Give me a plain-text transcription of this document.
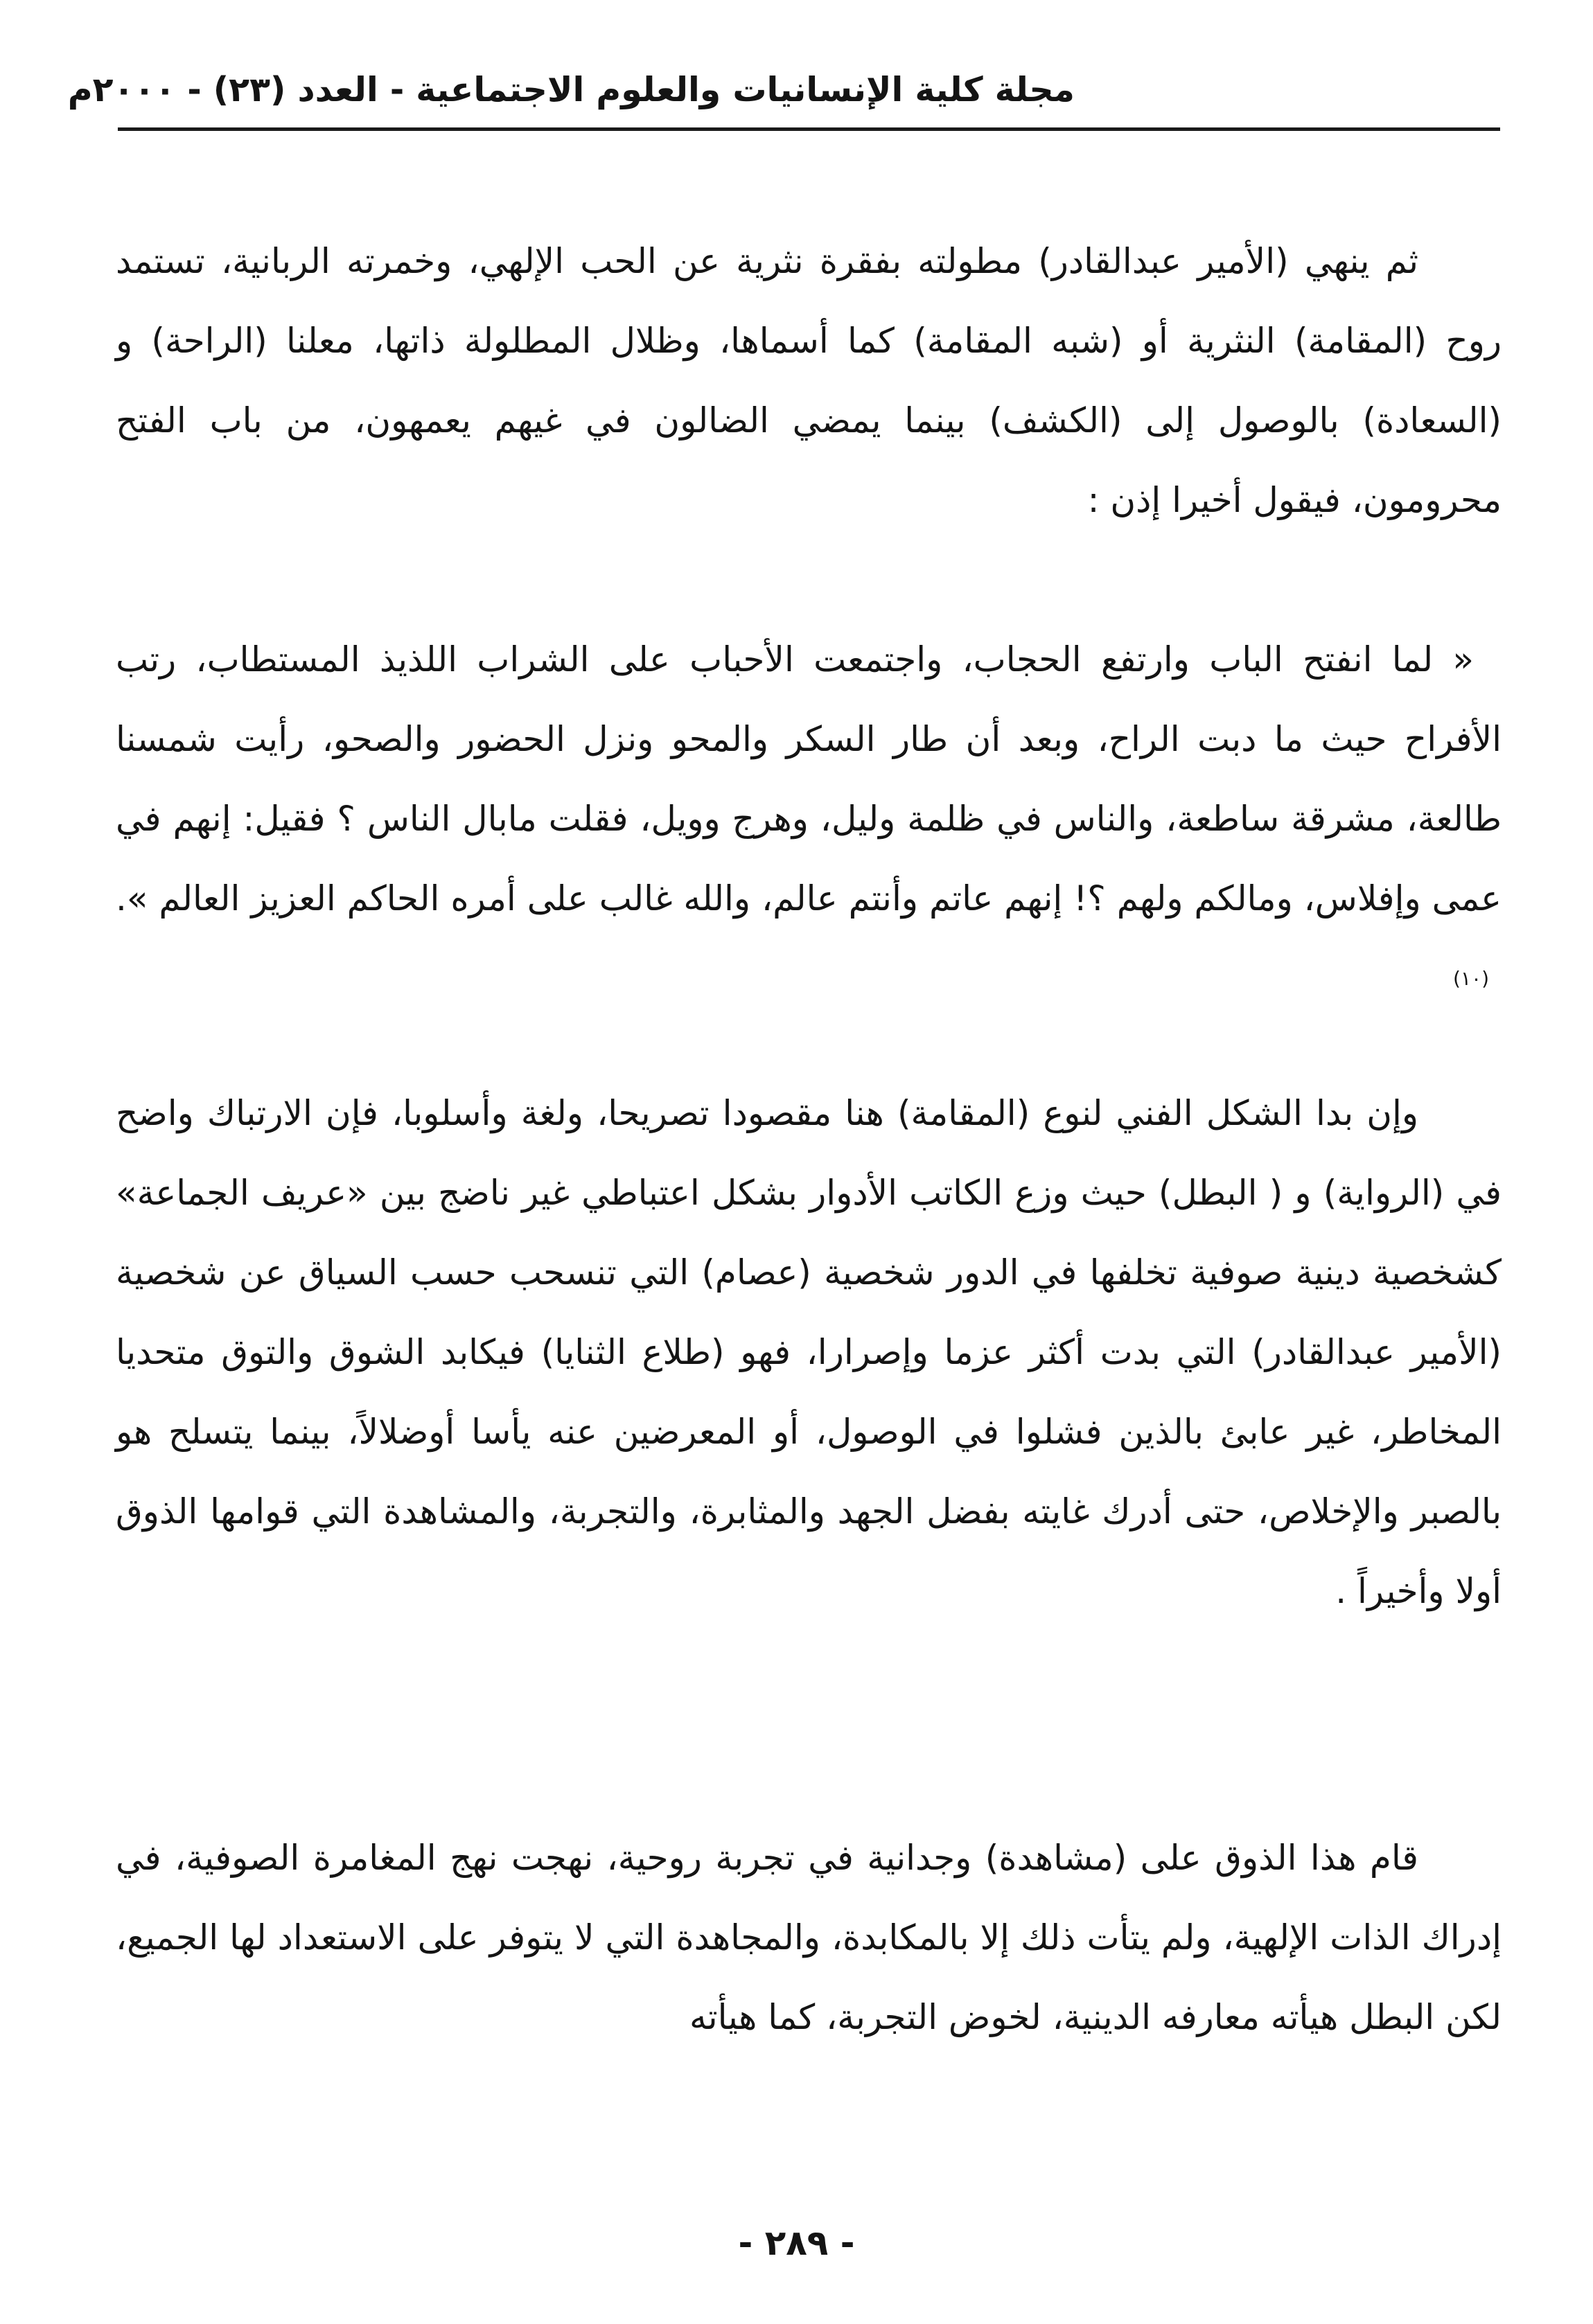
مجلة كلية الإنسانيات والعلوم الاجتماعية - العدد (٢٣) - ٢٠٠٠م

ثم ينهي (الأمير عبدالقادر) مطولته بفقرة نثرية عن الحب الإلهي، وخمرته الربانية، تستمد روح (المقامة) النثرية أو (شبه المقامة) كما أسماها، وظلال المطلولة ذاتها، معلنا (الراحة) و (السعادة) بالوصول إلى (الكشف) بينما يمضي الضالون في غيهم يعمهون، من باب الفتح محرومون، فيقول أخيرا إذن :

« لما انفتح الباب وارتفع الحجاب، واجتمعت الأحباب على الشراب اللذيذ المستطاب، رتب الأفراح حيث ما دبت الراح، وبعد أن طار السكر والمحو ونزل الحضور والصحو، رأيت شمسنا طالعة، مشرقة ساطعة، والناس في ظلمة وليل، وهرج وويل، فقلت مابال الناس ؟ فقيل: إنهم في عمى وإفلاس، ومالكم ولهم ؟! إنهم عاتم وأنتم عالم، والله غالب على أمره الحاكم العزيز العالم ».$^{(١٠)}$

وإن بدا الشكل الفني لنوع (المقامة) هنا مقصودا تصريحا، ولغة وأسلوبا، فإن الارتباك واضح في (الرواية) و ( البطل) حيث وزع الكاتب الأدوار بشكل اعتباطي غير ناضج بين «عريف الجماعة» كشخصية دينية صوفية تخلفها في الدور شخصية (عصام) التي تنسحب حسب السياق عن شخصية (الأمير عبدالقادر) التي بدت أكثر عزما وإصرارا، فهو (طلاع الثنايا) فيكابد الشوق والتوق متحديا المخاطر، غير عابئ بالذين فشلوا في الوصول، أو المعرضين عنه يأسا أوضلالاً، بينما يتسلح هو بالصبر والإخلاص، حتى أدرك غايته بفضل الجهد والمثابرة، والتجربة، والمشاهدة التي قوامها الذوق أولا وأخيراً .

قام هذا الذوق على (مشاهدة) وجدانية في تجربة روحية، نهجت نهج المغامرة الصوفية، في إدراك الذات الإلهية، ولم يتأت ذلك إلا بالمكابدة، والمجاهدة التي لا يتوفر على الاستعداد لها الجميع، لكن البطل هيأته معارفه الدينية، لخوض التجربة، كما هيأته

- ٢٨٩ -
